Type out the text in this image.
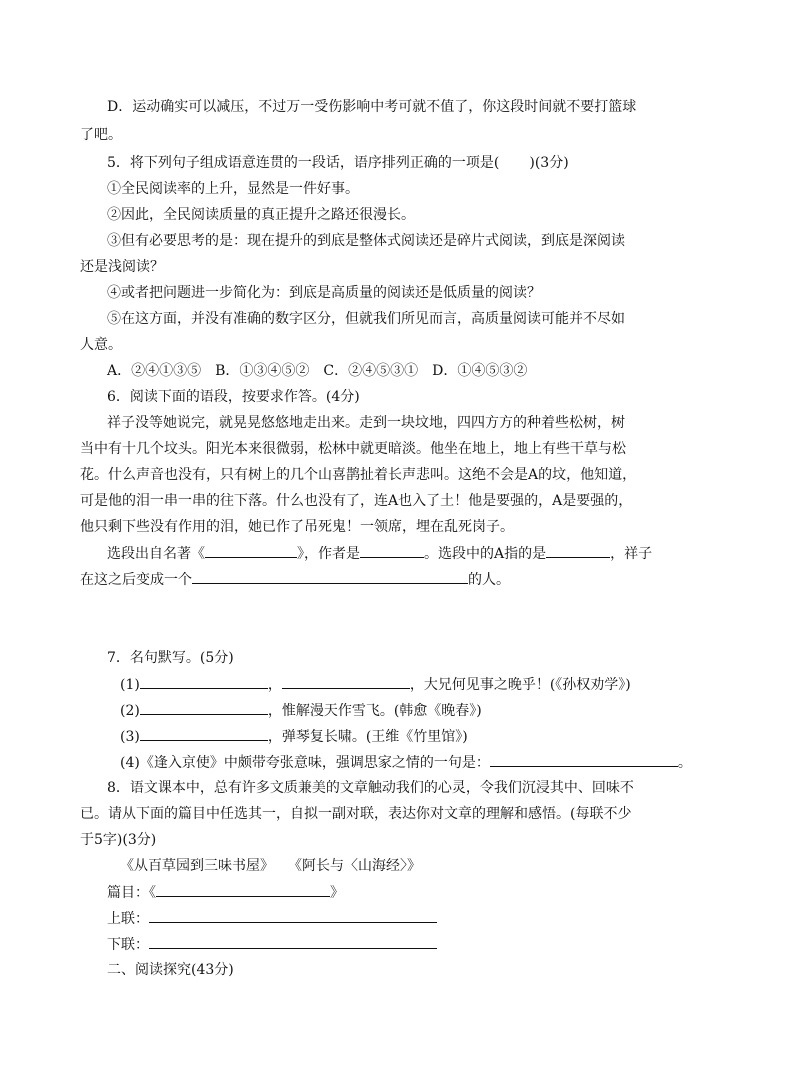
D．运动确实可以减压，不过万一受伤影响中考可就不值了，你这段时间就不要打篮球
了吧。
5．将下列句子组成语意连贯的一段话，语序排列正确的一项是( )(3分)
①全民阅读率的上升，显然是一件好事。
②因此，全民阅读质量的真正提升之路还很漫长。
③但有必要思考的是：现在提升的到底是整体式阅读还是碎片式阅读，到底是深阅读
还是浅阅读？
④或者把问题进一步简化为：到底是高质量的阅读还是低质量的阅读？
⑤在这方面，并没有准确的数字区分，但就我们所见而言，高质量阅读可能并不尽如
人意。
A．②④①③⑤　B．①③④⑤②　C．②④⑤③①　D．①④⑤③②
6．阅读下面的语段，按要求作答。(4分)
祥子没等她说完，就晃晃悠悠地走出来。走到一块坟地，四四方方的种着些松树，树
当中有十几个坟头。阳光本来很微弱，松林中就更暗淡。他坐在地上，地上有些干草与松
花。什么声音也没有，只有树上的几个山喜鹊扯着长声悲叫。这绝不会是A的坟，他知道，
可是他的泪一串一串的往下落。什么也没有了，连A也入了土！他是要强的，A是要强的，
他只剩下些没有作用的泪，她已作了吊死鬼！一领席，埋在乱死岗子。
选段出自名著《	》，作者是	。选段中的A指的是	，祥子
在这之后变成一个	的人。
7．名句默写。(5分)
(1)	，	，大兄何见事之晚乎！(《孙权劝学》)
(2)	，惟解漫天作雪飞。(韩愈《晚春》)
(3)	，弹琴复长啸。(王维《竹里馆》)
(4)《逢入京使》中颇带夸张意味，强调思家之情的一句是：	。
8．语文课本中，总有许多文质兼美的文章触动我们的心灵，令我们沉浸其中、回味不
已。请从下面的篇目中任选其一，自拟一副对联，表达你对文章的理解和感悟。(每联不少
于5字)(3分)
《从百草园到三味书屋》　　《阿长与〈山海经〉》
篇目：《	》
上联：
下联：
二、阅读探究(43分)
